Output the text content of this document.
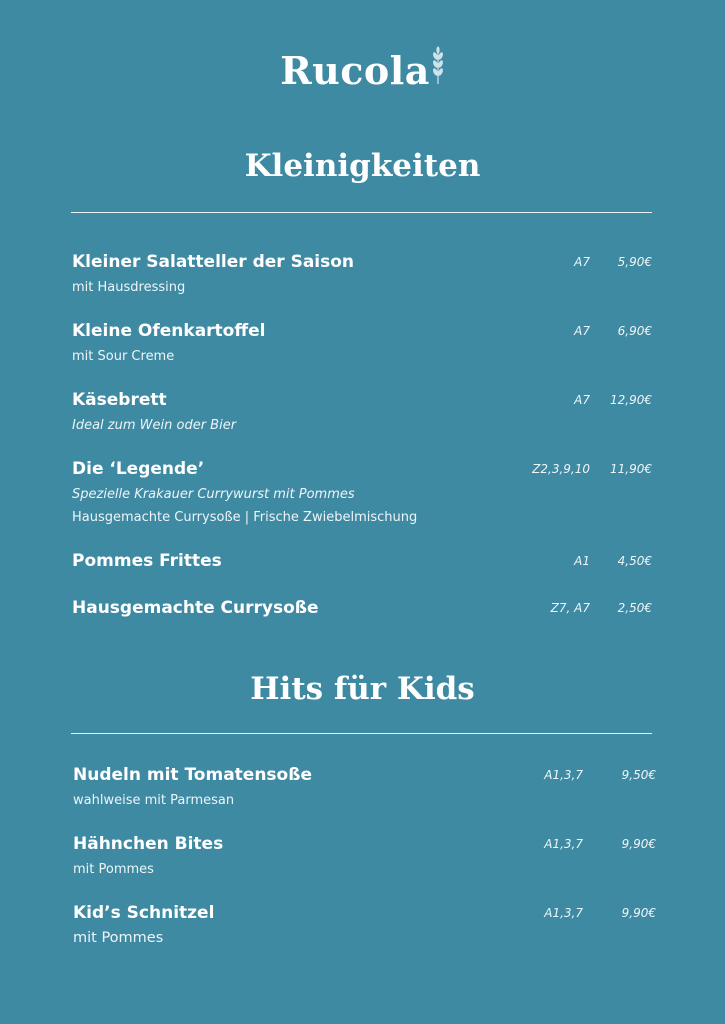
Rucola
Kleinigkeiten
Kleiner Salatteller der Saison	A7	5,90€
mit Hausdressing
Kleine Ofenkartoffel	A7	6,90€
mit Sour Creme
Käsebrett	A7	12,90€
Ideal zum Wein oder Bier
Die ‘Legende’	Z2,3,9,10	11,90€
Spezielle Krakauer Currywurst mit Pommes
Hausgemachte Currysoße | Frische Zwiebelmischung
Pommes Frittes	A1	4,50€
Hausgemachte Currysoße	Z7, A7	2,50€
Hits für Kids
Nudeln mit Tomatensoße	A1,3,7	9,50€
wahlweise mit Parmesan
Hähnchen Bites	A1,3,7	9,90€
mit Pommes
Kid’s Schnitzel	A1,3,7	9,90€
mit Pommes
